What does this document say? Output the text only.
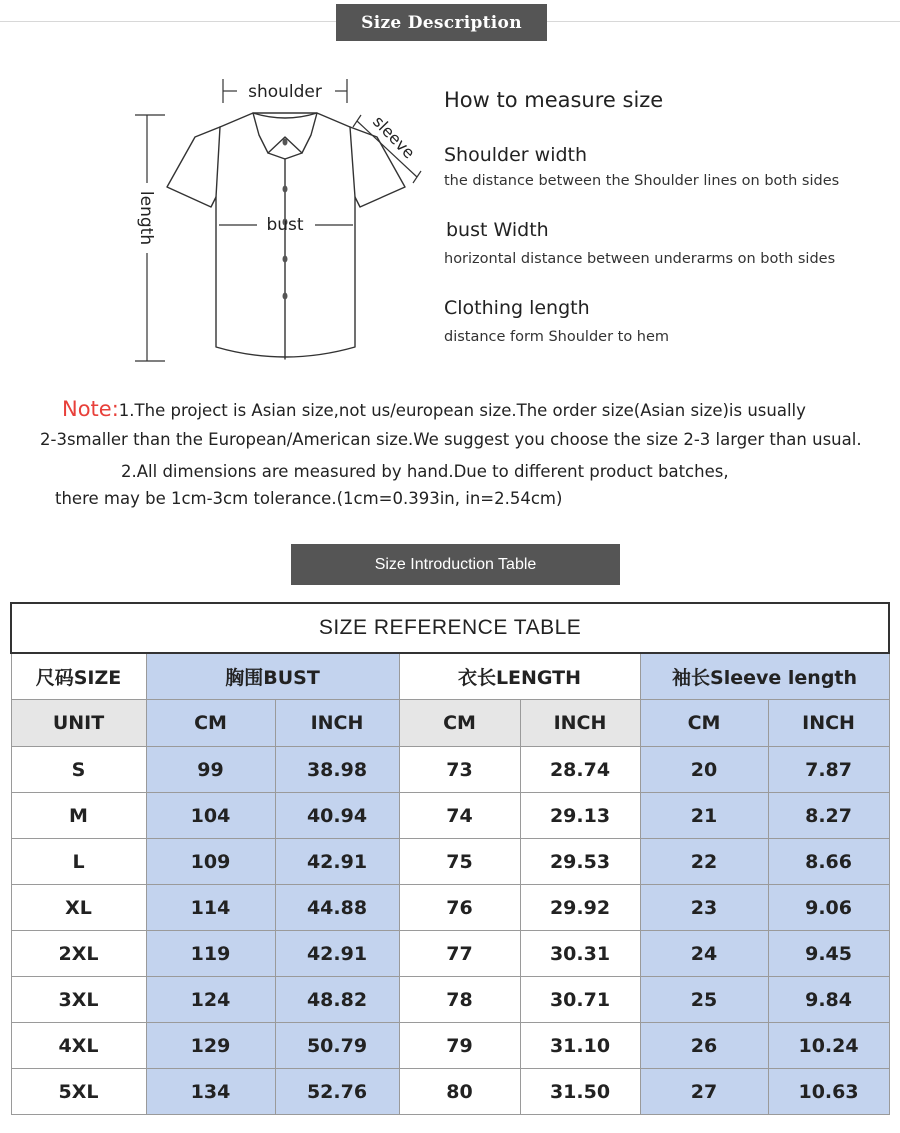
Size Description
shoulder
bust
length
sleeve
How to measure size
Shoulder width
the distance between the Shoulder lines on both sides
bust Width
horizontal distance between underarms on both sides
Clothing length
distance form Shoulder to hem
Note:1.The project is Asian size,not us/european size.The order size(Asian size)is usually
2-3smaller than the European/American size.We suggest you choose the size 2-3 larger than usual.
2.All dimensions are measured by hand.Due to different product batches,
there may be 1cm-3cm tolerance.(1cm=0.393in, in=2.54cm)
Size Introduction Table
SIZE REFERENCE TABLE						
尺码SIZE	胸围BUST		衣长LENGTH		袖长Sleeve length	
UNIT	CM	INCH	CM	INCH	CM	INCH
S	99	38.98	73	28.74	20	7.87
M	104	40.94	74	29.13	21	8.27
L	109	42.91	75	29.53	22	8.66
XL	114	44.88	76	29.92	23	9.06
2XL	119	42.91	77	30.31	24	9.45
3XL	124	48.82	78	30.71	25	9.84
4XL	129	50.79	79	31.10	26	10.24
5XL	134	52.76	80	31.50	27	10.63
